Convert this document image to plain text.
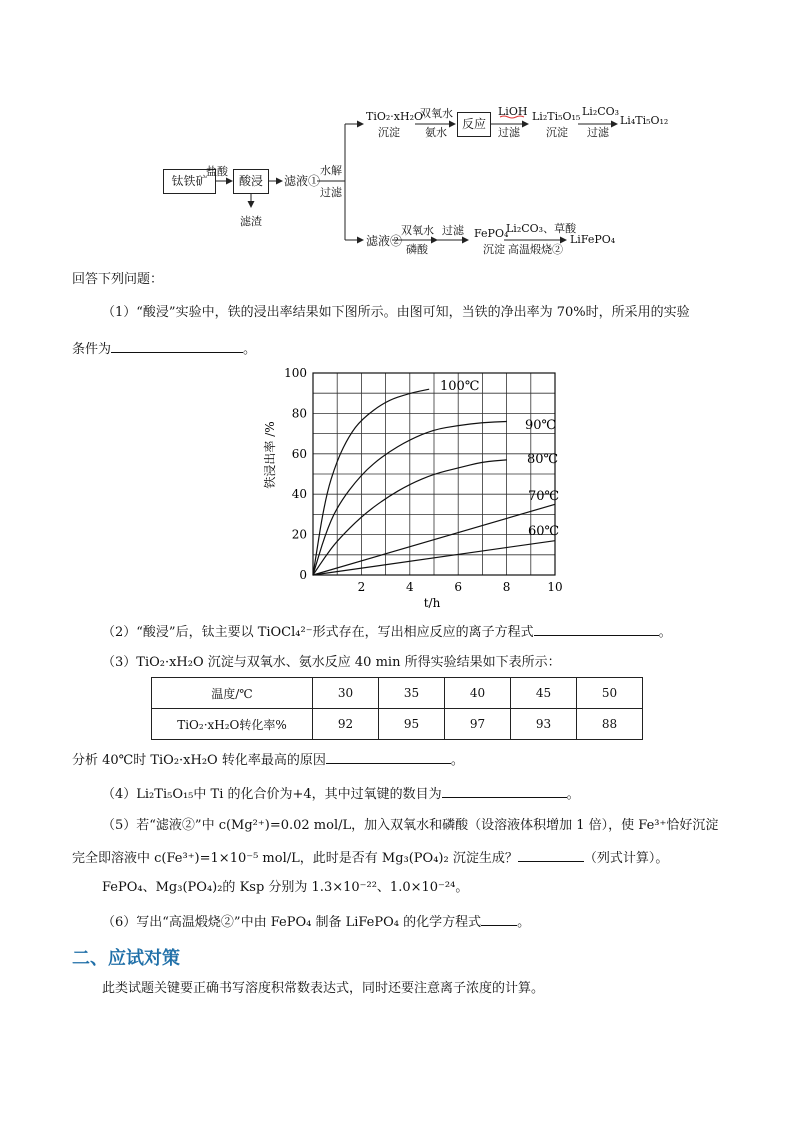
钛铁矿	酸浸
反应
盐酸
滤渣
滤液①
水解
过滤
TiO₂·xH₂O
沉淀
双氧水
氨水
LiOH
过滤
Li₂Ti₅O₁₅
沉淀
Li₂CO₃
过滤
Li₄Ti₅O₁₂
滤液②
双氧水
磷酸
过滤 FePO₄
沉淀
Li₂CO₃、草酸
高温煅烧②
LiFePO₄
回答下列问题：
（1）“酸浸”实验中，铁的浸出率结果如下图所示。由图可知，当铁的净出率为 70%时，所采用的实验
条件为	。
2	4	6	8	10
0
20
40
60
80
100
t/h
铁浸出率 /%
100℃
90℃
80℃
70℃
60℃
（2）“酸浸”后，钛主要以 TiOCl₄²⁻形式存在，写出相应反应的离子方程式	。
（3）TiO₂·xH₂O 沉淀与双氧水、氨水反应 40 min 所得实验结果如下表所示：
温度/℃	30	35	40	45	50
TiO₂·xH₂O转化率%	92	95	97	93	88
分析 40℃时 TiO₂·xH₂O 转化率最高的原因	。
（4）Li₂Ti₅O₁₅中 Ti 的化合价为+4，其中过氧键的数目为	。
（5）若“滤液②”中 c(Mg²⁺)=0.02 mol/L，加入双氧水和磷酸（设溶液体积增加 1 倍），使 Fe³⁺恰好沉淀
完全即溶液中 c(Fe³⁺)=1×10⁻⁵ mol/L，此时是否有 Mg₃(PO₄)₂ 沉淀生成？	（列式计算）。
FePO₄、Mg₃(PO₄)₂的 Ksp 分别为 1.3×10⁻²²、1.0×10⁻²⁴。
（6）写出“高温煅烧②”中由 FePO₄ 制备 LiFePO₄ 的化学方程式	。
二、应试对策
此类试题关键要正确书写溶度积常数表达式，同时还要注意离子浓度的计算。
